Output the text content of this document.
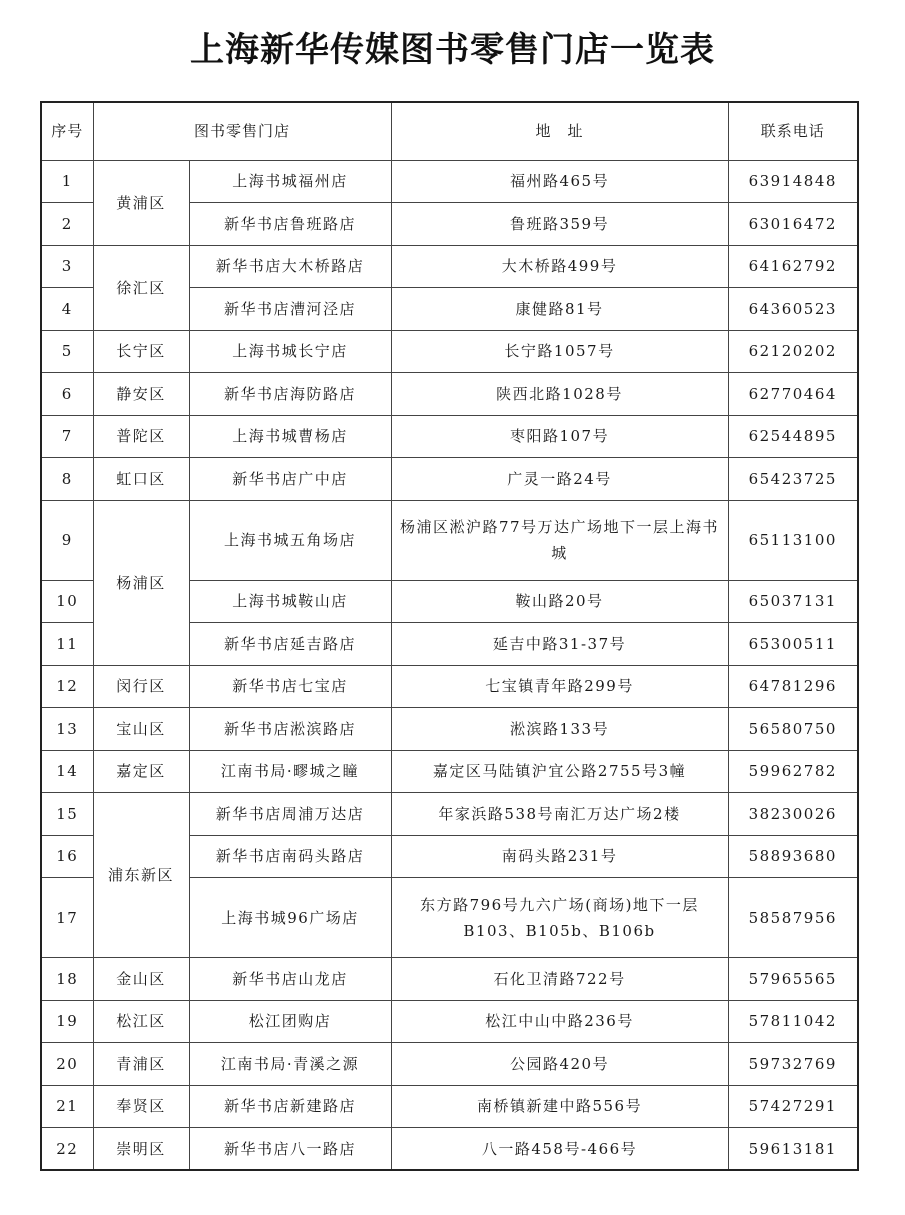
上海新华传媒图书零售门店一览表
序号	图书零售门店		地　址	联系电话
1	黄浦区	上海书城福州店	福州路465号	63914848
2		新华书店鲁班路店	鲁班路359号	63016472
3	徐汇区	新华书店大木桥路店	大木桥路499号	64162792
4		新华书店漕河泾店	康健路81号	64360523
5	长宁区	上海书城长宁店	长宁路1057号	62120202
6	静安区	新华书店海防路店	陕西北路1028号	62770464
7	普陀区	上海书城曹杨店	枣阳路107号	62544895
8	虹口区	新华书店广中店	广灵一路24号	65423725
9	杨浦区	上海书城五角场店	杨浦区淞沪路77号万达广场地下一层上海书城	65113100
10		上海书城鞍山店	鞍山路20号	65037131
11		新华书店延吉路店	延吉中路31-37号	65300511
12	闵行区	新华书店七宝店	七宝镇青年路299号	64781296
13	宝山区	新华书店淞滨路店	淞滨路133号	56580750
14	嘉定区	江南书局·疁城之瞳	嘉定区马陆镇沪宜公路2755号3幢	59962782
15	浦东新区	新华书店周浦万达店	年家浜路538号南汇万达广场2楼	38230026
16		新华书店南码头路店	南码头路231号	58893680
17		上海书城96广场店	东方路796号九六广场(商场)地下一层B103、B105b、B106b	58587956
18	金山区	新华书店山龙店	石化卫清路722号	57965565
19	松江区	松江团购店	松江中山中路236号	57811042
20	青浦区	江南书局·青溪之源	公园路420号	59732769
21	奉贤区	新华书店新建路店	南桥镇新建中路556号	57427291
22	崇明区	新华书店八一路店	八一路458号-466号	59613181
